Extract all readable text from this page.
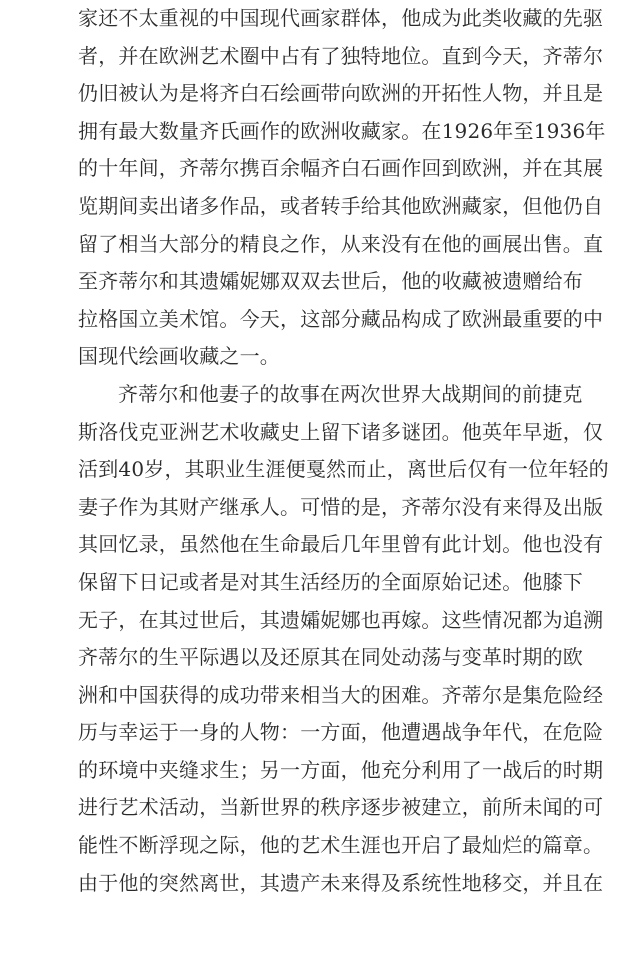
家还不太重视的中国现代画家群体，他成为此类收藏的先驱
者，并在欧洲艺术圈中占有了独特地位。直到今天，齐蒂尔
仍旧被认为是将齐白石绘画带向欧洲的开拓性人物，并且是
拥有最大数量齐氏画作的欧洲收藏家。在1926年至1936年
的十年间，齐蒂尔携百余幅齐白石画作回到欧洲，并在其展
览期间卖出诸多作品，或者转手给其他欧洲藏家，但他仍自
留了相当大部分的精良之作，从来没有在他的画展出售。直
至齐蒂尔和其遗孀妮娜双双去世后，他的收藏被遗赠给布
拉格国立美术馆。今天，这部分藏品构成了欧洲最重要的中
国现代绘画收藏之一。
齐蒂尔和他妻子的故事在两次世界大战期间的前捷克
斯洛伐克亚洲艺术收藏史上留下诸多谜团。他英年早逝，仅
活到40岁，其职业生涯便戛然而止，离世后仅有一位年轻的
妻子作为其财产继承人。可惜的是，齐蒂尔没有来得及出版
其回忆录，虽然他在生命最后几年里曾有此计划。他也没有
保留下日记或者是对其生活经历的全面原始记述。他膝下
无子，在其过世后，其遗孀妮娜也再嫁。这些情况都为追溯
齐蒂尔的生平际遇以及还原其在同处动荡与变革时期的欧
洲和中国获得的成功带来相当大的困难。齐蒂尔是集危险经
历与幸运于一身的人物：一方面，他遭遇战争年代，在危险
的环境中夹缝求生；另一方面，他充分利用了一战后的时期
进行艺术活动，当新世界的秩序逐步被建立，前所未闻的可
能性不断浮现之际，他的艺术生涯也开启了最灿烂的篇章。
由于他的突然离世，其遗产未来得及系统性地移交，并且在
